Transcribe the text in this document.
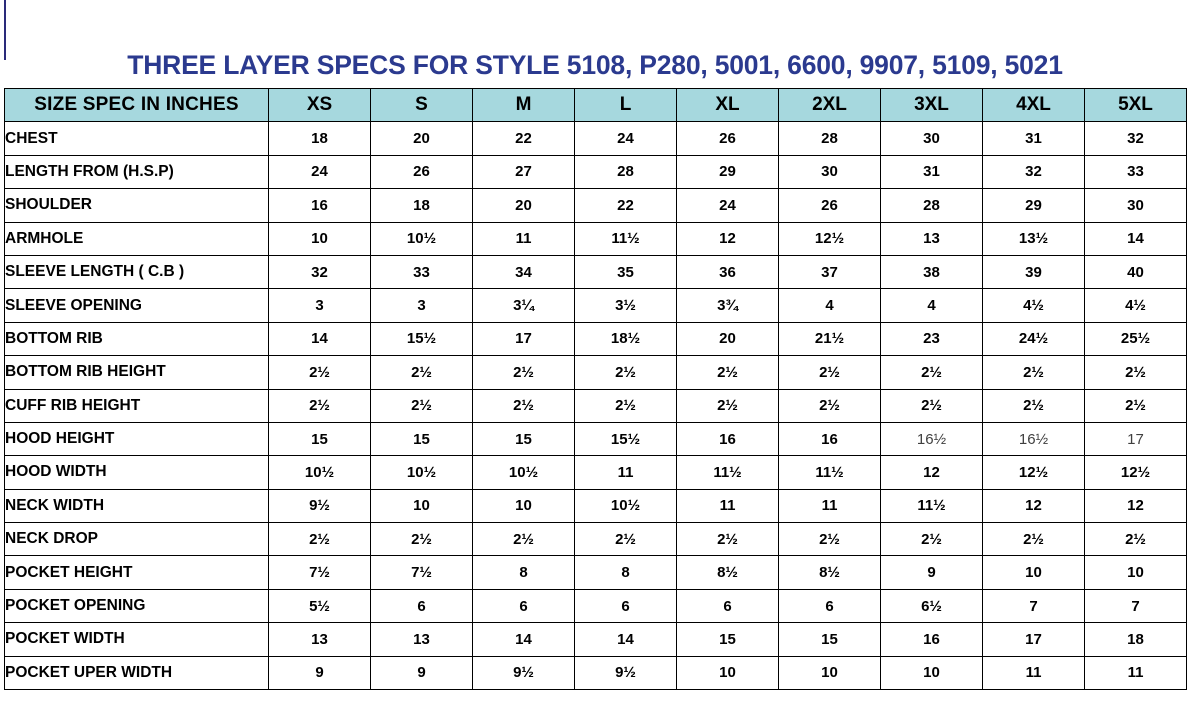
THREE LAYER SPECS FOR STYLE 5108, P280, 5001, 6600, 9907, 5109, 5021
SIZE SPEC IN INCHES	XS	S	M	L	XL	2XL	3XL	4XL	5XL
CHEST	18	20	22	24	26	28	30	31	32
LENGTH FROM (H.S.P)	24	26	27	28	29	30	31	32	33
SHOULDER	16	18	20	22	24	26	28	29	30
ARMHOLE	10	10½	11	11½	12	12½	13	13½	14
SLEEVE LENGTH ( C.B )	32	33	34	35	36	37	38	39	40
SLEEVE OPENING	3	3	3¼	3½	3¾	4	4	4½	4½
BOTTOM RIB	14	15½	17	18½	20	21½	23	24½	25½
BOTTOM RIB HEIGHT	2½	2½	2½	2½	2½	2½	2½	2½	2½
CUFF RIB HEIGHT	2½	2½	2½	2½	2½	2½	2½	2½	2½
HOOD HEIGHT	15	15	15	15½	16	16	16½	16½	17
HOOD WIDTH	10½	10½	10½	11	11½	11½	12	12½	12½
NECK WIDTH	9½	10	10	10½	11	11	11½	12	12
NECK DROP	2½	2½	2½	2½	2½	2½	2½	2½	2½
POCKET HEIGHT	7½	7½	8	8	8½	8½	9	10	10
POCKET OPENING	5½	6	6	6	6	6	6½	7	7
POCKET WIDTH	13	13	14	14	15	15	16	17	18
POCKET UPER WIDTH	9	9	9½	9½	10	10	10	11	11
